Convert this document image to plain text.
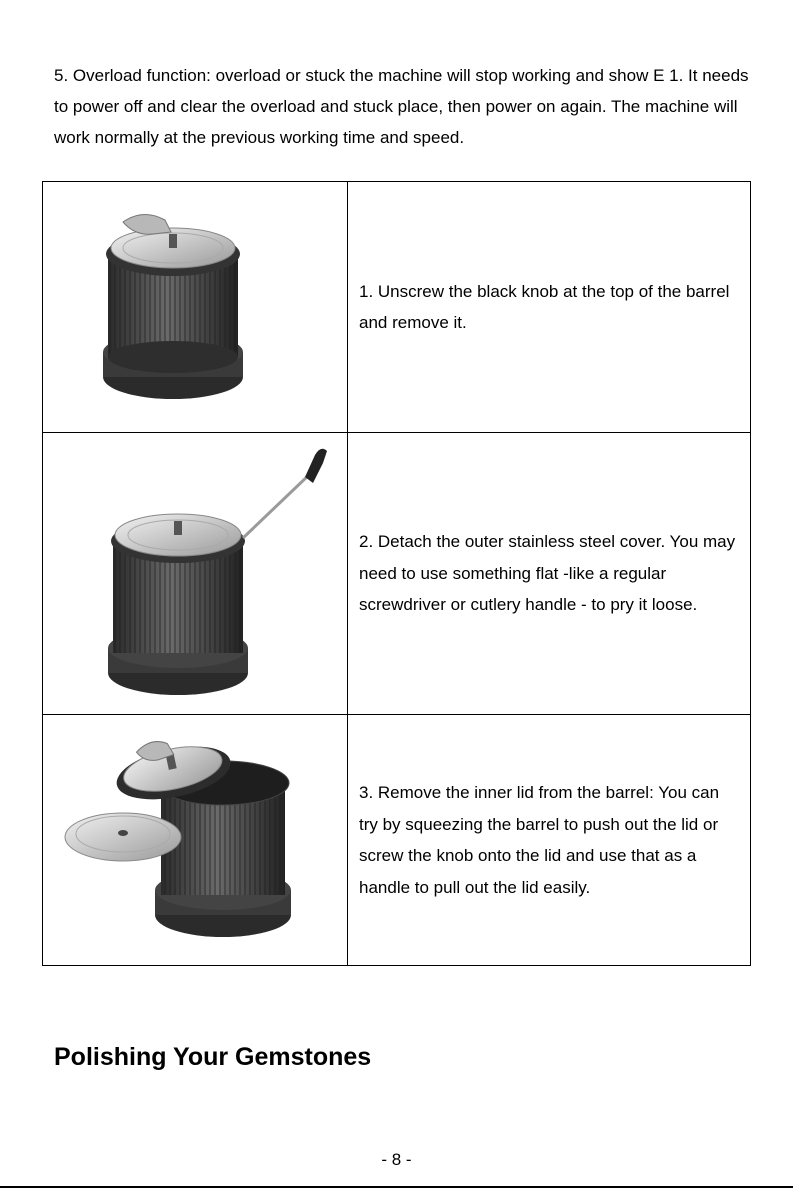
5. Overload function: overload or stuck the machine will stop working and show E 1. It needs to power off and clear the overload and stuck place, then power on again. The machine will work normally at the previous working time and speed.

	1. Unscrew the black knob at the top of the barrel and remove it.

	2. Detach the outer stainless steel cover. You may need to use something flat -like a regular screwdriver or cutlery handle - to pry it loose.

	3. Remove the inner lid from the barrel: You can try by squeezing the barrel to push out the lid or screw the knob onto the lid and use that as a handle to pull out the lid easily.
Polishing Your Gemstones
- 8 -
